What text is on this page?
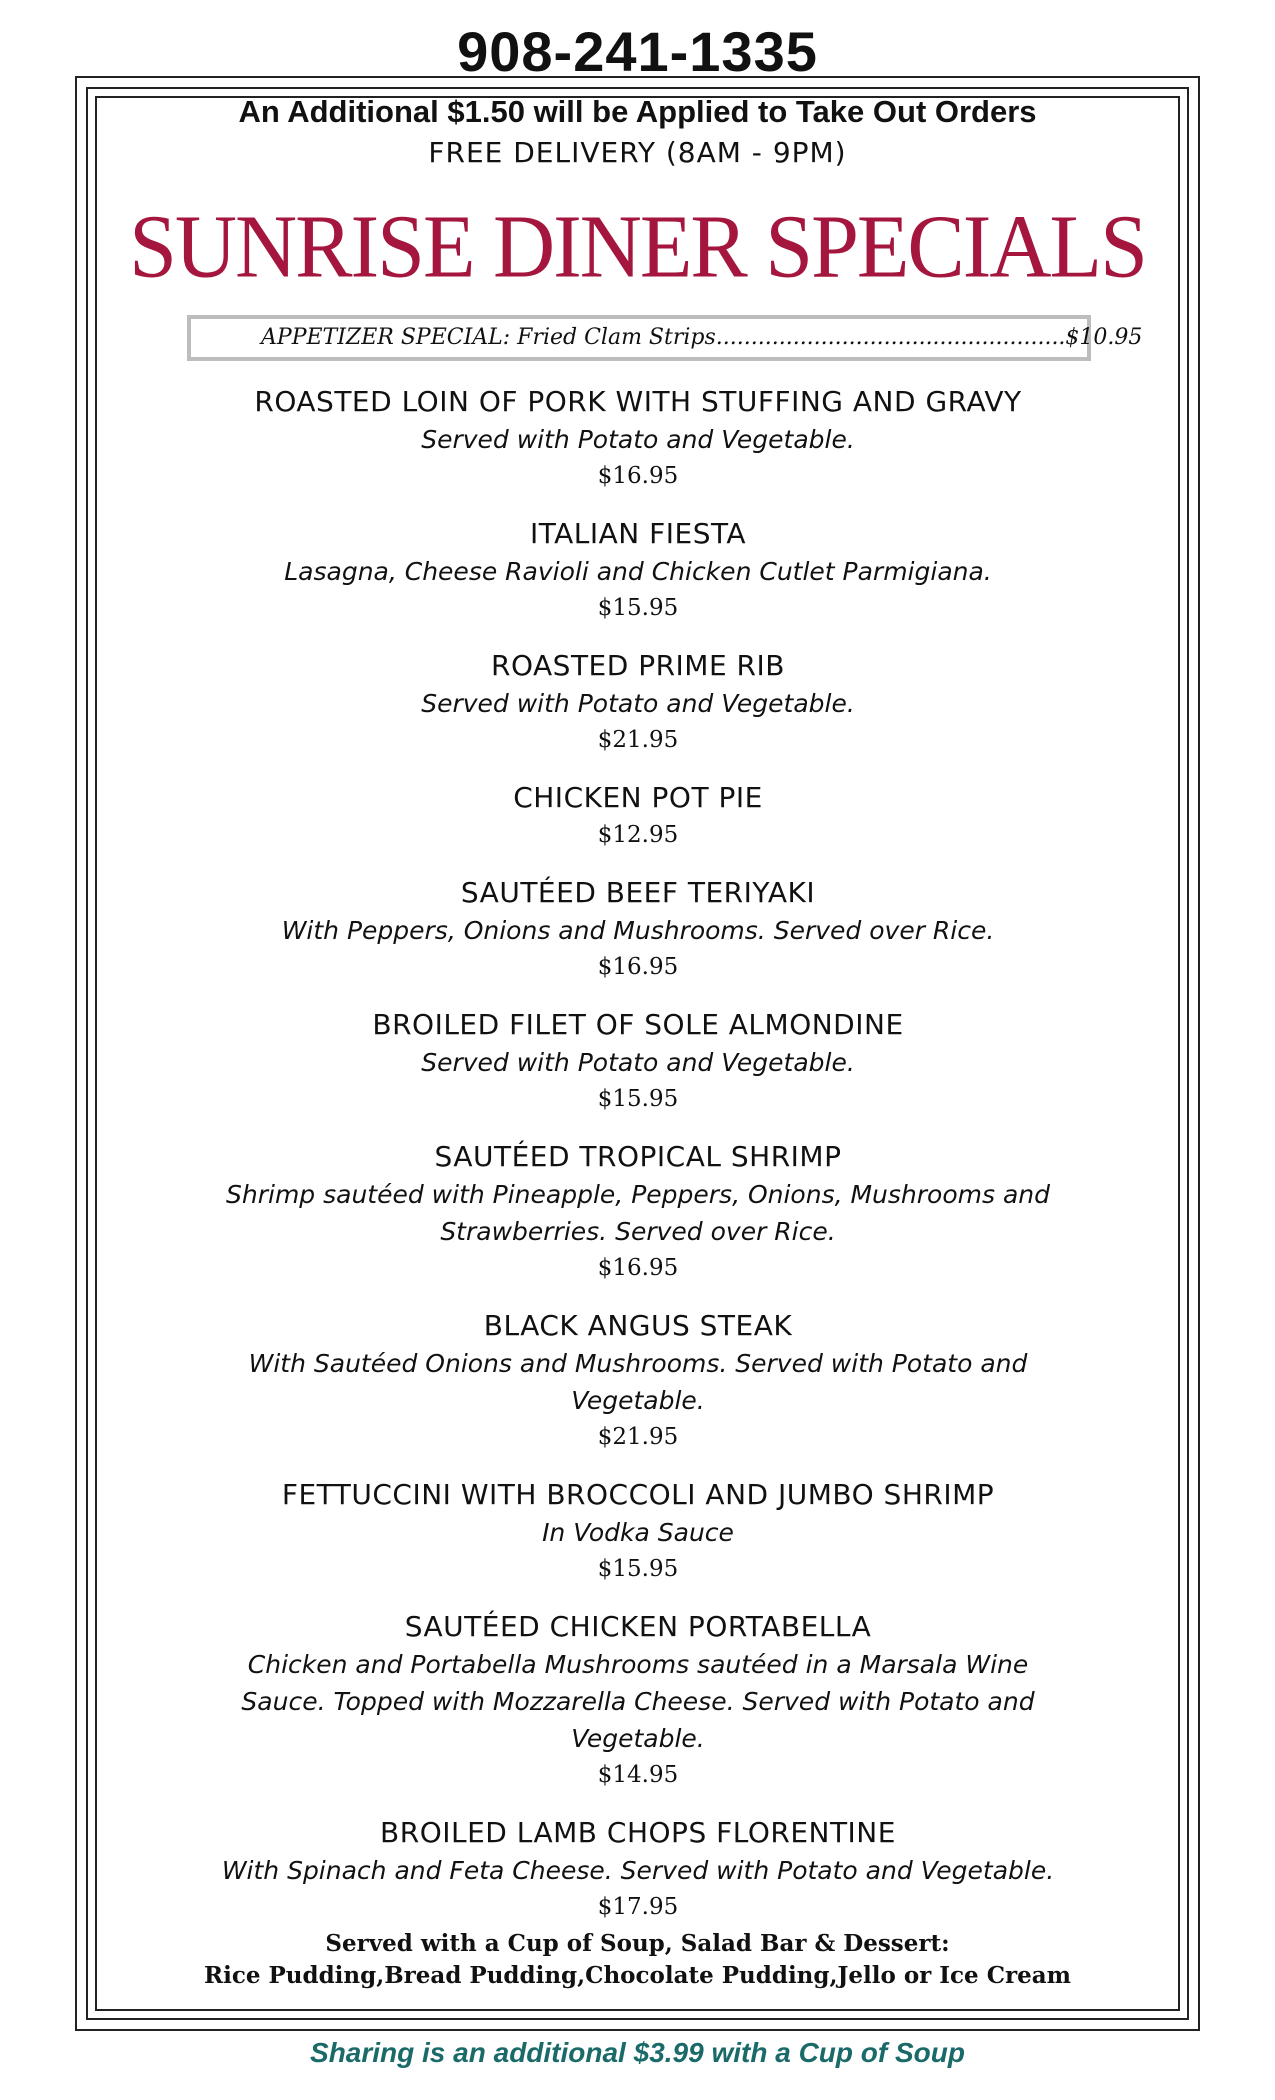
908-241-1335
An Additional $1.50 will be Applied to Take Out Orders
FREE DELIVERY (8AM - 9PM)
SUNRISE DINER SPECIALS
APPETIZER SPECIAL: Fried Clam Strips..................................................$10.95
ROASTED LOIN OF PORK WITH STUFFING AND GRAVY
Served with Potato and Vegetable.
$16.95
ITALIAN FIESTA
Lasagna, Cheese Ravioli and Chicken Cutlet Parmigiana.
$15.95
ROASTED PRIME RIB
Served with Potato and Vegetable.
$21.95
CHICKEN POT PIE
$12.95
SAUTÉED BEEF TERIYAKI
With Peppers, Onions and Mushrooms. Served over Rice.
$16.95
BROILED FILET OF SOLE ALMONDINE
Served with Potato and Vegetable.
$15.95
SAUTÉED TROPICAL SHRIMP
Shrimp sautéed with Pineapple, Peppers, Onions, Mushrooms and Strawberries. Served over Rice.
$16.95
BLACK ANGUS STEAK
With Sautéed Onions and Mushrooms. Served with Potato and Vegetable.
$21.95
FETTUCCINI WITH BROCCOLI AND JUMBO SHRIMP
In Vodka Sauce
$15.95
SAUTÉED CHICKEN PORTABELLA
Chicken and Portabella Mushrooms sautéed in a Marsala Wine Sauce. Topped with Mozzarella Cheese. Served with Potato and Vegetable.
$14.95
BROILED LAMB CHOPS FLORENTINE
With Spinach and Feta Cheese. Served with Potato and Vegetable.
$17.95
Served with a Cup of Soup, Salad Bar & Dessert:
Rice Pudding,Bread Pudding,Chocolate Pudding,Jello or Ice Cream
Sharing is an additional $3.99 with a Cup of Soup
